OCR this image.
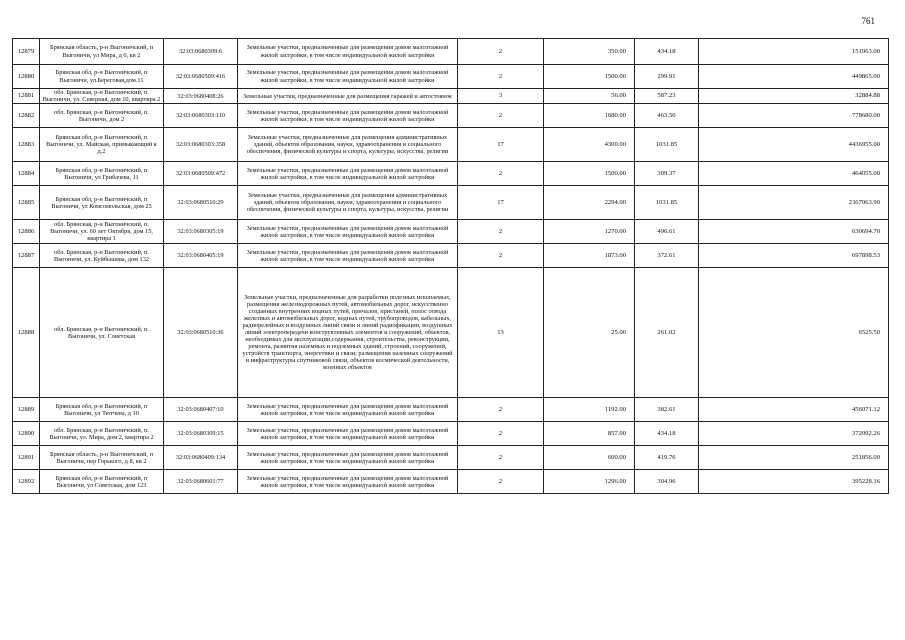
761
12879	Брянская область, р-н Выгоничский, п Выгоничи, ул Мира, д 6, кв 2	32:03:0680309:6	Земельные участки, предназначенные для размещения домов малоэтажной жилой застройки, в том числе индивидуальной жилой застройки	2	350.00	434.18	151963.00
12880	Брянская обл, р-н Выгоничский, п Выгоничи, ул.Береговая,дом.11	32:03:0680509:416	Земельные участки, предназначенные для размещения домов малоэтажной жилой застройки, в том числе индивидуальной жилой застройки	2	1500.00	299.91	449865.00
12881	обл. Брянская, р-н Выгоничский, п. Выгоничи, ул. Северная, дом 10, квартира 2	32:03:0680408:26	Земельные участки, предназначенные для размещения гаражей и автостоянок	3	56.00	587.23	32884.88
12882	обл. Брянская, р-н Выгоничский, п. Выгоничи, дом 2	32:03:0680303:110	Земельные участки, предназначенные для размещения домов малоэтажной жилой застройки, в том числе индивидуальной жилой застройки	2	1680.00	463.50	778680.00
12883	Брянская обл, р-н Выгоничский, п Выгоничи, ул. Майская, примыкающий к д.2	32:03:0680303:358	Земельные участки, предназначенные для размещения административных зданий, объектов образования, науки, здравоохранения и социального обеспечения, физической культуры и спорта, культуры, искусства, религии	17	4300.00	1031.85	4436955.00
12884	Брянская обл, р-н Выгоничский, п Выгоничи, ул Грибачева, 11	32:03:0680509:472	Земельные участки, предназначенные для размещения домов малоэтажной жилой застройки, в том числе индивидуальной жилой застройки	2	1500.00	309.37	464055.00
12885	Брянская обл, р-н Выгоничский, п Выгоничи, ул Комсомольская, дом 25	32:03:0680510:29	Земельные участки, предназначенные для размещения административных зданий, объектов образования, науки, здравоохранения и социального обеспечения, физической культуры и спорта, культуры, искусства, религии	17	2294.00	1031.85	2367063.90
12886	обл. Брянская, р-н Выгоничский, п. Выгоничи, ул. 60 лет Октября, дом 15, квартира 1	32:03:0680305:19	Земельные участки, предназначенные для размещения домов малоэтажной жилой застройки, в том числе индивидуальной жилой застройки	2	1270.00	496.61	630694.70
12887	обл. Брянская, р-н Выгоничский, п. Выгоничи, ул. Куйбышева, дом 132	32:03:0680405:19	Земельные участки, предназначенные для размещения домов малоэтажной жилой застройки, в том числе индивидуальной жилой застройки	2	1873.00	372.61	697898.53
12888	обл. Брянская, р-н Выгоничский, п. Выгоничи, ул. Советская	32:03:0680510:36	Земельные участки, предназначенные для разработки полезных ископаемых, размещения железнодорожных путей, автомобильных дорог, искусственно созданных внутренних водных путей, причалов, пристаней, полос отвода железных и автомобильных дорог, водных путей, трубопроводов, кабельных, радиорелейных и воздушных линий связи и линий радиофикации, воздушных линий электропередачи конструктивных элементов и сооружений, объектов, необходимых для эксплуатации,содержания, строительства, реконструкции, ремонта, развития наземных и подземных зданий, строений, сооружений, устройств транспорта, энергетики и связи; размещения наземных сооружений и инфраструктуры спутниковой связи, объектов космической деятельности, военных объектов	13	25.00	261.02	6525.50
12889	Брянская обл, р-н Выгоничский, п Выгоничи, ул Тютчева, д 10	32:03:0680407:10	Земельные участки, предназначенные для размещения домов малоэтажной жилой застройки, в том числе индивидуальной жилой застройки	2	1192.00	382.61	456071.12
12890	обл. Брянская, р-н Выгоничский, п. Выгоничи, ул. Мира, дом 2, квартира 2	32:03:0680309:15	Земельные участки, предназначенные для размещения домов малоэтажной жилой застройки, в том числе индивидуальной жилой застройки	2	857.00	434.18	372092.26
12891	Брянская область, р-н Выгоничский, п Выгоничи, пер Горького, д 8, кв 2	32:03:0680409:134	Земельные участки, предназначенные для размещения домов малоэтажной жилой застройки, в том числе индивидуальной жилой застройки	2	600.00	419.76	251856.00
12892	Брянская обл, р-н Выгоничский, п Выгоничи, ул Советская, дом 123	32:03:0680601:77	Земельные участки, предназначенные для размещения домов малоэтажной жилой застройки, в том числе индивидуальной жилой застройки	2	1296.00	304.96	395228.16
